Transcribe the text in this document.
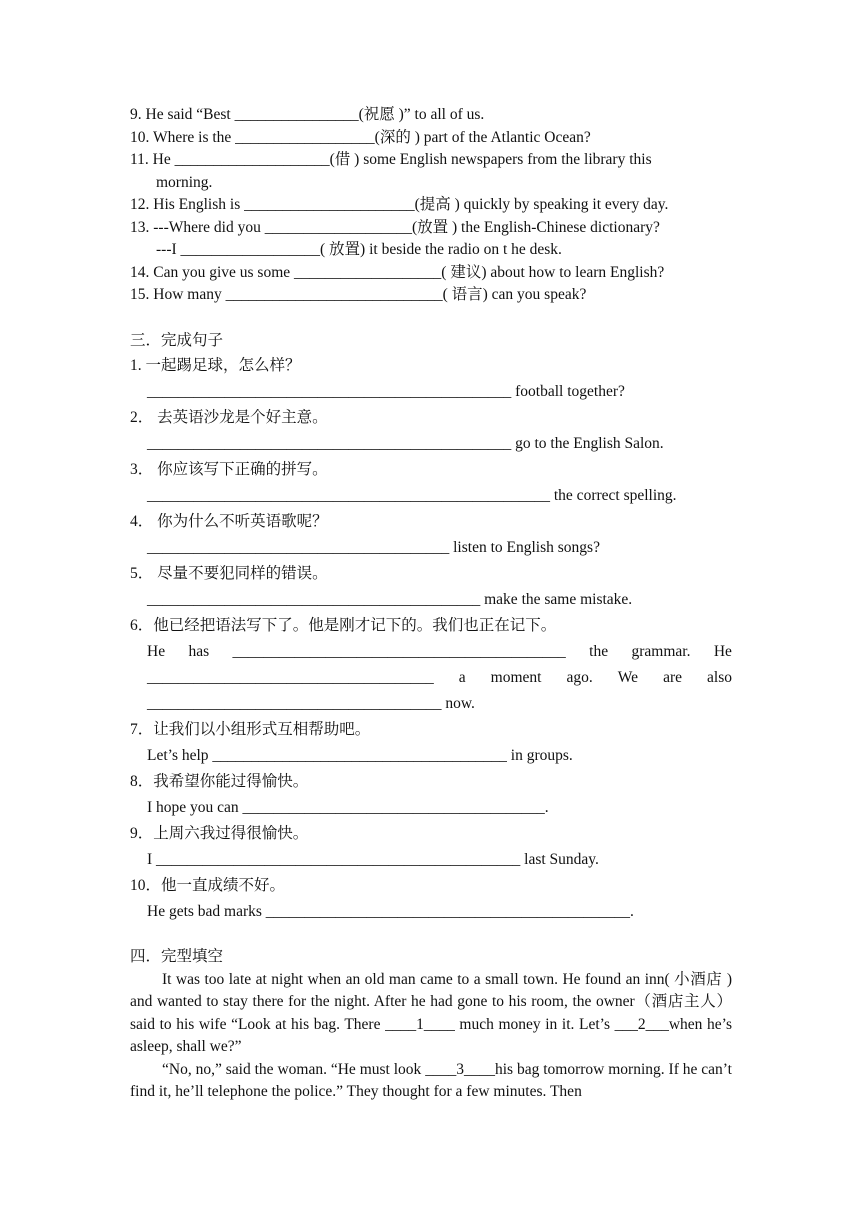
9. He said “Best ________________(祝愿 )” to all of us.
10. Where is the __________________(深的 ) part of the Atlantic Ocean?
11. He ____________________(借 ) some English newspapers from the library this
morning.
12. His English is ______________________(提高 ) quickly by speaking it every day.
13. ---Where did you ___________________(放置 ) the English-Chinese dictionary?
---I __________________( 放置) it beside the radio on t he desk.
14. Can you give us some ___________________( 建议) about how to learn English?
15. How many ____________________________( 语言) can you speak?
三．完成句子
1. 一起踢足球，怎么样？
_______________________________________________ football together?
2． 去英语沙龙是个好主意。
_______________________________________________ go to the English Salon.
3． 你应该写下正确的拼写。
____________________________________________________ the correct spelling.
4． 你为什么不听英语歌呢？
_______________________________________ listen to English songs?
5． 尽量不要犯同样的错误。
___________________________________________ make the same mistake.
6．他已经把语法写下了。他是刚才记下的。我们也正在记下。
He has ___________________________________________ the grammar. He
_____________________________________ a moment ago. We are also
______________________________________ now.
7．让我们以小组形式互相帮助吧。
Let’s help ______________________________________ in groups.
8．我希望你能过得愉快。
I hope you can _______________________________________.
9．上周六我过得很愉快。
I _______________________________________________ last Sunday.
10．他一直成绩不好。
He gets bad marks _______________________________________________.
四．完型填空
It was too late at night when an old man came to a small town. He found an inn( 小酒店 ) and wanted to stay there for the night. After he had gone to his room, the owner（酒店主人） said to his wife “Look at his bag. There ____1____ much money in it. Let’s ___2___when he’s asleep, shall we?”
“No, no,” said the woman. “He must look ____3____his bag tomorrow morning. If he can’t find it, he’ll telephone the police.” They thought for a few minutes. Then
